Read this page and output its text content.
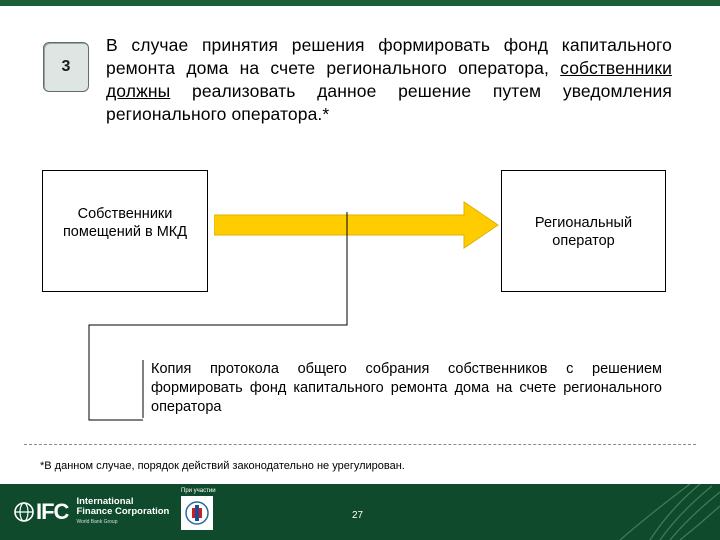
3
В случае принятия решения формировать фонд капитального ремонта дома на счете регионального оператора, собственники должны реализовать данное решение путем уведомления регионального оператора.*
Собственники помещений в МКД
Региональный оператор
Копия протокола общего собрания собственников с решением формировать фонд капитального ремонта дома на счете регионального оператора
*В данном случае, порядок действий законодательно не урегулирован.
IFC International
Finance Corporation
World Bank Group
При участии
27
